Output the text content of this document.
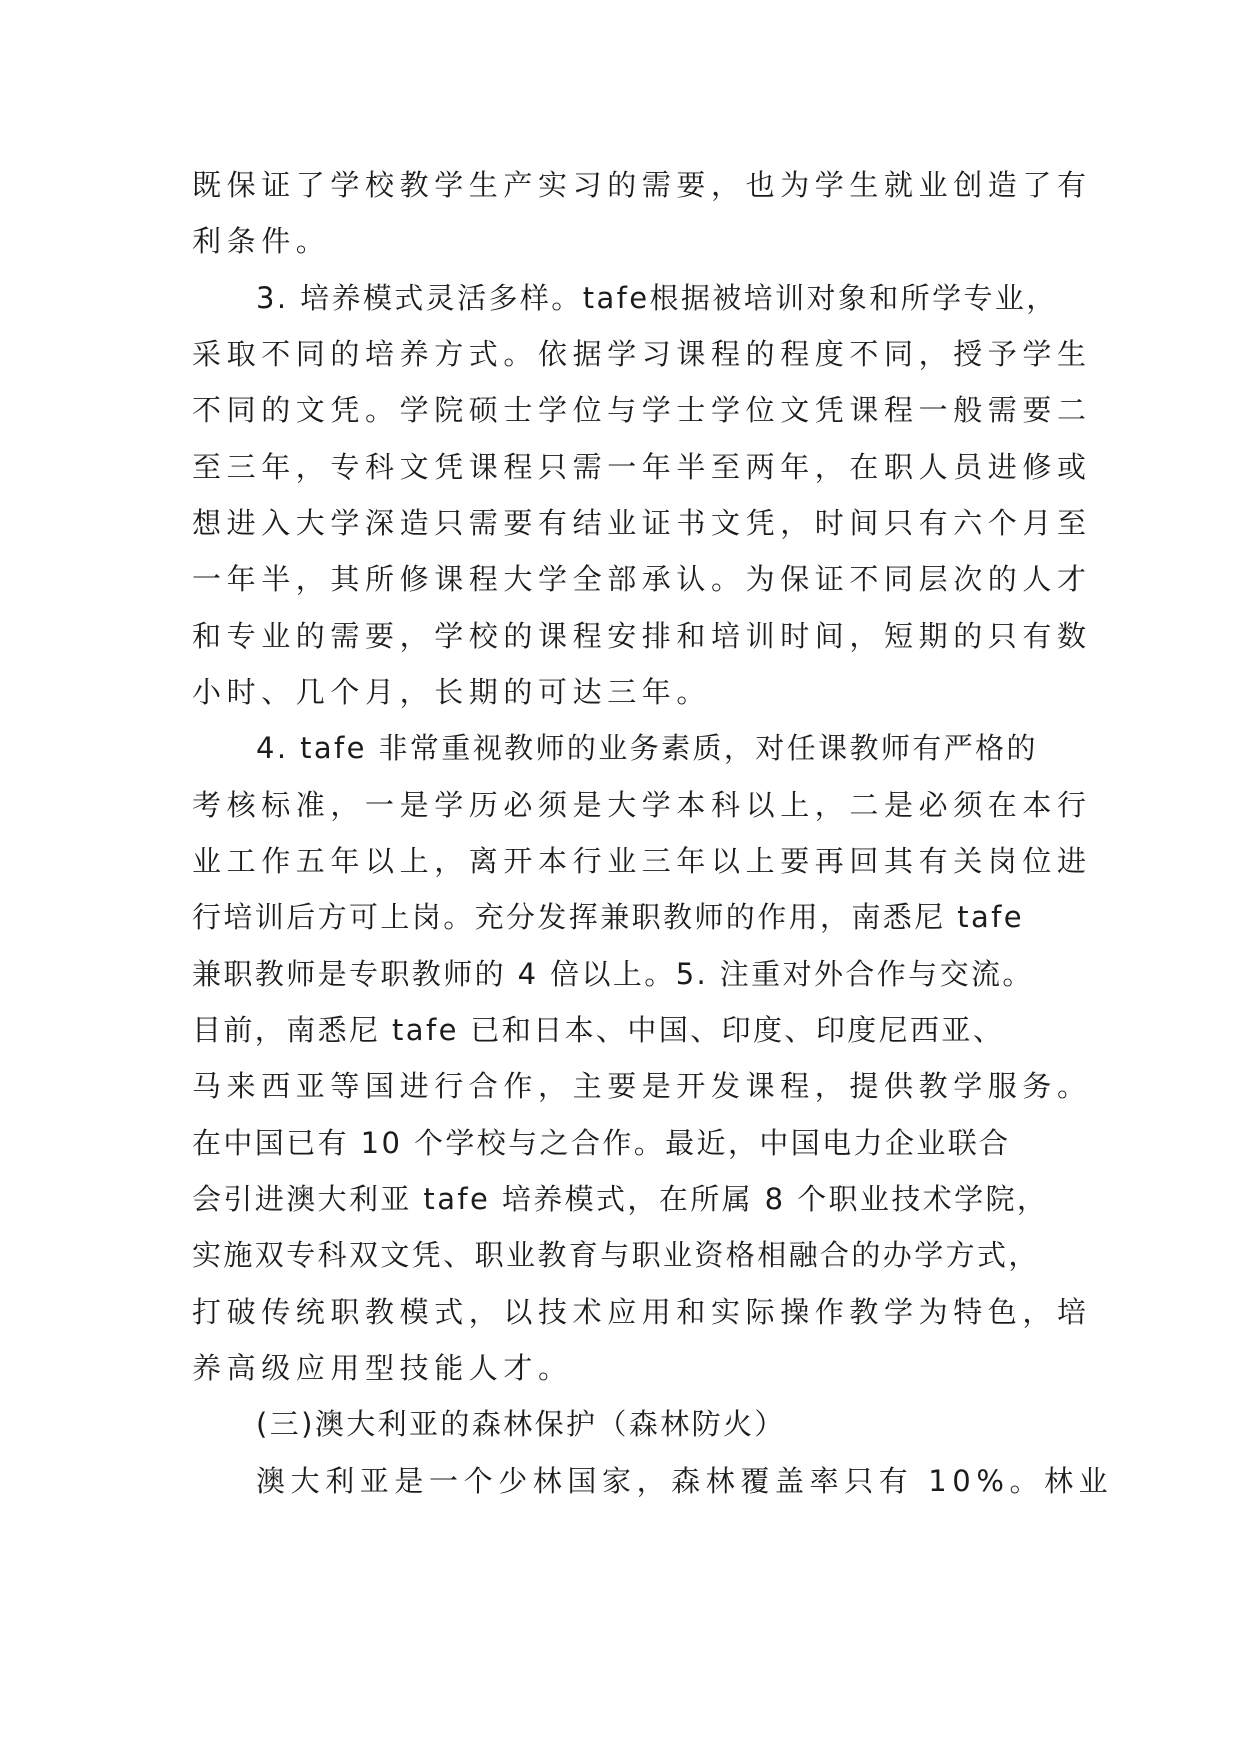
既保证了学校教学生产实习的需要，也为学生就业创造了有
利条件。
3. 培养模式灵活多样。tafe根据被培训对象和所学专业，
采取不同的培养方式。依据学习课程的程度不同，授予学生
不同的文凭。学院硕士学位与学士学位文凭课程一般需要二
至三年，专科文凭课程只需一年半至两年，在职人员进修或
想进入大学深造只需要有结业证书文凭，时间只有六个月至
一年半，其所修课程大学全部承认。为保证不同层次的人才
和专业的需要，学校的课程安排和培训时间，短期的只有数
小时、几个月，长期的可达三年。
4. tafe 非常重视教师的业务素质，对任课教师有严格的
考核标准，一是学历必须是大学本科以上，二是必须在本行
业工作五年以上，离开本行业三年以上要再回其有关岗位进
行培训后方可上岗。充分发挥兼职教师的作用，南悉尼 tafe
兼职教师是专职教师的 4 倍以上。5. 注重对外合作与交流。
目前，南悉尼 tafe 已和日本、中国、印度、印度尼西亚、
马来西亚等国进行合作，主要是开发课程，提供教学服务。
在中国已有 10 个学校与之合作。最近，中国电力企业联合
会引进澳大利亚 tafe 培养模式，在所属 8 个职业技术学院，
实施双专科双文凭、职业教育与职业资格相融合的办学方式，
打破传统职教模式，以技术应用和实际操作教学为特色，培
养高级应用型技能人才。
(三)澳大利亚的森林保护（森林防火）
澳大利亚是一个少林国家，森林覆盖率只有 10%。林业
